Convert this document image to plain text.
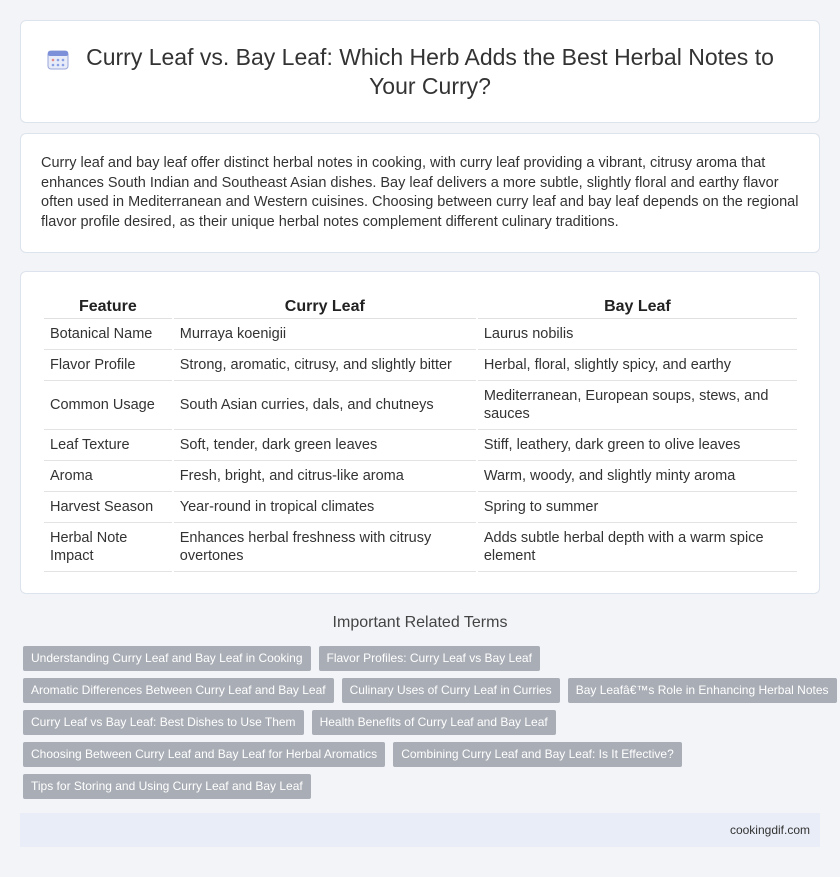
Curry Leaf vs. Bay Leaf: Which Herb Adds the Best Herbal Notes to Your Curry?

Curry leaf and bay leaf offer distinct herbal notes in cooking, with curry leaf providing a vibrant, citrusy aroma that enhances South Indian and Southeast Asian dishes. Bay leaf delivers a more subtle, slightly floral and earthy flavor often used in Mediterranean and Western cuisines. Choosing between curry leaf and bay leaf depends on the regional flavor profile desired, as their unique herbal notes complement different culinary traditions.

Feature	Curry Leaf	Bay Leaf
Botanical Name	Murraya koenigii	Laurus nobilis
Flavor Profile	Strong, aromatic, citrusy, and slightly bitter	Herbal, floral, slightly spicy, and earthy
Common Usage	South Asian curries, dals, and chutneys	Mediterranean, European soups, stews, and sauces
Leaf Texture	Soft, tender, dark green leaves	Stiff, leathery, dark green to olive leaves
Aroma	Fresh, bright, and citrus-like aroma	Warm, woody, and slightly minty aroma
Harvest Season	Year-round in tropical climates	Spring to summer
Herbal Note Impact	Enhances herbal freshness with citrusy overtones	Adds subtle herbal depth with a warm spice element
Important Related Terms
Understanding Curry Leaf and Bay Leaf in Cooking	Flavor Profiles: Curry Leaf vs Bay Leaf
Aromatic Differences Between Curry Leaf and Bay Leaf	Culinary Uses of Curry Leaf in Curries	Bay Leafâ€™s Role in Enhancing Herbal Notes
Curry Leaf vs Bay Leaf: Best Dishes to Use Them	Health Benefits of Curry Leaf and Bay Leaf
Choosing Between Curry Leaf and Bay Leaf for Herbal Aromatics	Combining Curry Leaf and Bay Leaf: Is It Effective?
Tips for Storing and Using Curry Leaf and Bay Leaf
cookingdif.com
